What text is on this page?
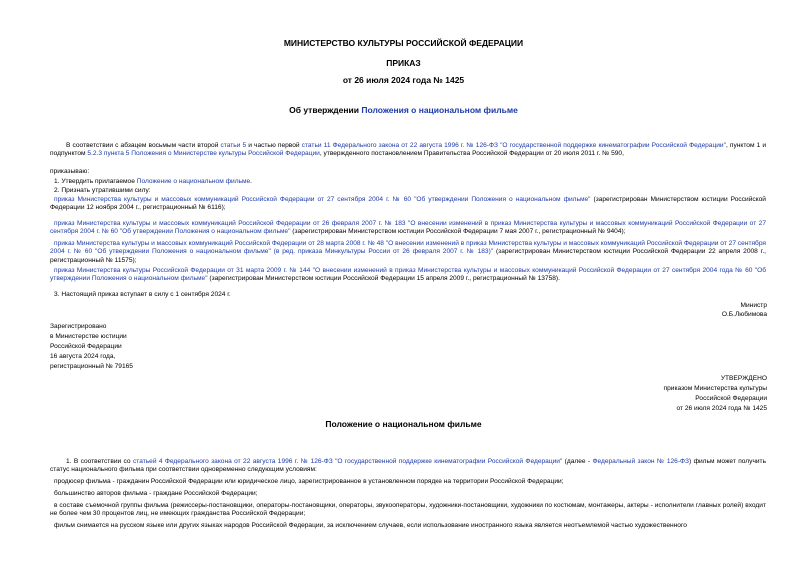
МИНИСТЕРСТВО КУЛЬТУРЫ РОССИЙСКОЙ ФЕДЕРАЦИИ
ПРИКАЗ
от 26 июля 2024 года № 1425
Об утверждении Положения о национальном фильме
В соответствии с абзацем восьмым части второй статьи 5 и частью первой статьи 11 Федерального закона от 22 августа 1996 г. № 126-ФЗ "О государственной поддержке кинематографии Российской Федерации", пунктом 1 и подпунктом 5.2.3 пункта 5 Положения о Министерстве культуры Российской Федерации, утвержденного постановлением Правительства Российской Федерации от 20 июля 2011 г. № 590,
приказываю:
1. Утвердить прилагаемое Положение о национальном фильме.
2. Признать утратившими силу:
приказ Министерства культуры и массовых коммуникаций Российской Федерации от 27 сентября 2004 г. № 60 "Об утверждении Положения о национальном фильме" (зарегистрирован Министерством юстиции Российской Федерации 12 ноября 2004 г., регистрационный № 6116);
приказ Министерства культуры и массовых коммуникаций Российской Федерации от 26 февраля 2007 г. № 183 "О внесении изменений в приказ Министерства культуры и массовых коммуникаций Российской Федерации от 27 сентября 2004 г. № 60 "Об утверждении Положения о национальном фильме" (зарегистрирован Министерством юстиции Российской Федерации 7 мая 2007 г., регистрационный № 9404);
приказ Министерства культуры и массовых коммуникаций Российской Федерации от 28 марта 2008 г. № 48 "О внесении изменений в приказ Министерства культуры и массовых коммуникаций Российской Федерации от 27 сентября 2004 г. № 60 "Об утверждении Положения о национальном фильме" (в ред. приказа Минкультуры России от 26 февраля 2007 г. № 183)" (зарегистрирован Министерством юстиции Российской Федерации 22 апреля 2008 г., регистрационный № 11575);
приказ Министерства культуры Российской Федерации от 31 марта 2009 г. № 144 "О внесении изменений в приказ Министерства культуры и массовых коммуникаций Российской Федерации от 27 сентября 2004 года № 60 "Об утверждении Положения о национальном фильме" (зарегистрирован Министерством юстиции Российской Федерации 15 апреля 2009 г., регистрационный № 13758).
3. Настоящий приказ вступает в силу с 1 сентября 2024 г.
Министр
О.Б.Любимова
Зарегистрировано
в Министерстве юстиции
Российской Федерации
16 августа 2024 года,
регистрационный № 79165
УТВЕРЖДЕНО
приказом Министерства культуры
Российской Федерации
от 26 июля 2024 года № 1425
Положение о национальном фильме
1. В соответствии со статьей 4 Федерального закона от 22 августа 1996 г. № 126-ФЗ "О государственной поддержке кинематографии Российской Федерации" (далее - Федеральный закон № 126-ФЗ) фильм может получить статус национального фильма при соответствии одновременно следующим условиям:
продюсер фильма - гражданин Российской Федерации или юридическое лицо, зарегистрированное в установленном порядке на территории Российской Федерации;
большинство авторов фильма - граждане Российской Федерации;
в составе съемочной группы фильма (режиссеры-постановщики, операторы-постановщики, операторы, звукооператоры, художники-постановщики, художники по костюмам, монтажеры, актеры - исполнители главных ролей) входит не более чем 30 процентов лиц, не имеющих гражданства Российской Федерации;
фильм снимается на русском языке или других языках народов Российской Федерации, за исключением случаев, если использование иностранного языка является неотъемлемой частью художественного
